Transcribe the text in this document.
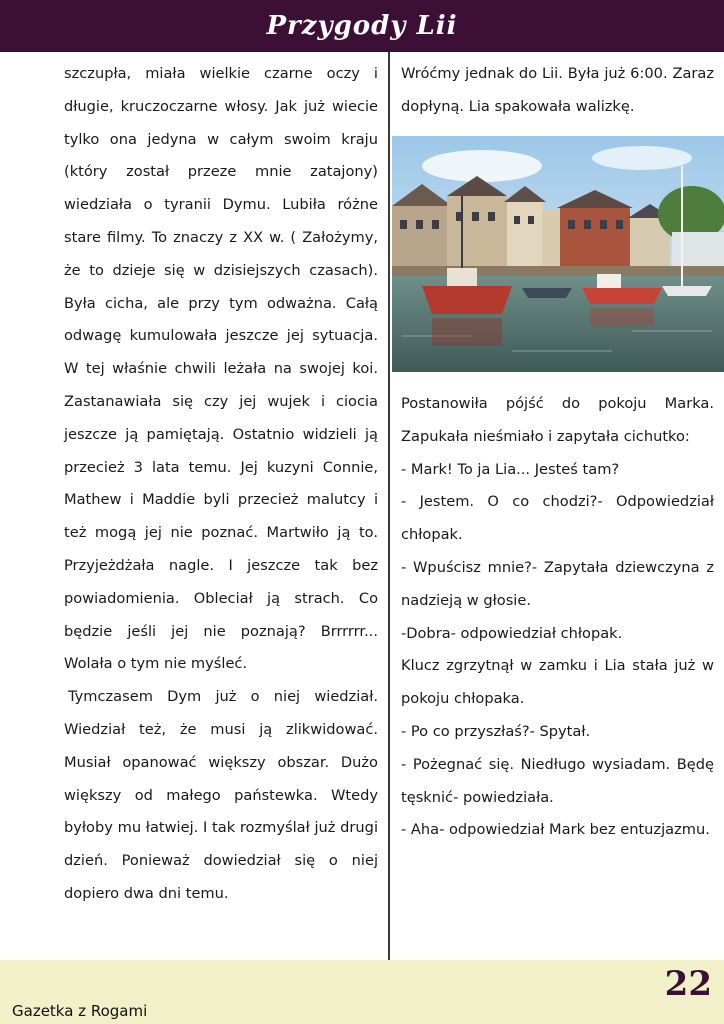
Przygody Lii

szczupła, miała wielkie czarne oczy i długie, kruczoczarne włosy. Jak już wiecie tylko ona jedyna w całym swoim kraju (który został przeze mnie zatajony) wiedziała o tyranii Dymu. Lubiła różne stare filmy. To znaczy z XX w. ( Założymy, że to dzieje się w dzisiejszych czasach). Była cicha, ale przy tym odważna. Całą odwagę kumulowała jeszcze jej sytuacja. W tej właśnie chwili leżała na swojej koi. Zastanawiała się czy jej wujek i ciocia jeszcze ją pamiętają. Ostatnio widzieli ją przecież 3 lata temu. Jej kuzyni Connie, Mathew i Maddie byli przecież malutcy i też mogą jej nie poznać. Martwiło ją to. Przyjeżdżała nagle. I jeszcze tak bez powiadomienia. Obleciał ją strach. Co będzie jeśli jej nie poznają? Brrrrrr... Wolała o tym nie myśleć.

Tymczasem Dym już o niej wiedział. Wiedział też, że musi ją zlikwidować. Musiał opanować większy obszar. Dużo większy od małego państewka. Wtedy byłoby mu łatwiej. I tak rozmyślał już drugi dzień. Ponieważ dowiedział się o niej dopiero dwa dni temu.

Wróćmy jednak do Lii. Była już 6:00. Zaraz dopłyną. Lia spakowała walizkę.

Postanowiła pójść do pokoju Marka. Zapukała nieśmiało i zapytała cichutko:

- Mark! To ja Lia... Jesteś tam?

- Jestem. O co chodzi?- Odpowiedział chłopak.

- Wpuścisz mnie?- Zapytała dziewczyna z nadzieją w głosie.

-Dobra- odpowiedział chłopak.

Klucz zgrzytnął w zamku i Lia stała już w pokoju chłopaka.

- Po co przyszłaś?- Spytał.

- Pożegnać się. Niedługo wysiadam. Będę tęsknić- powiedziała.

- Aha- odpowiedział Mark bez entuzjazmu.

Gazetka z Rogami
22
